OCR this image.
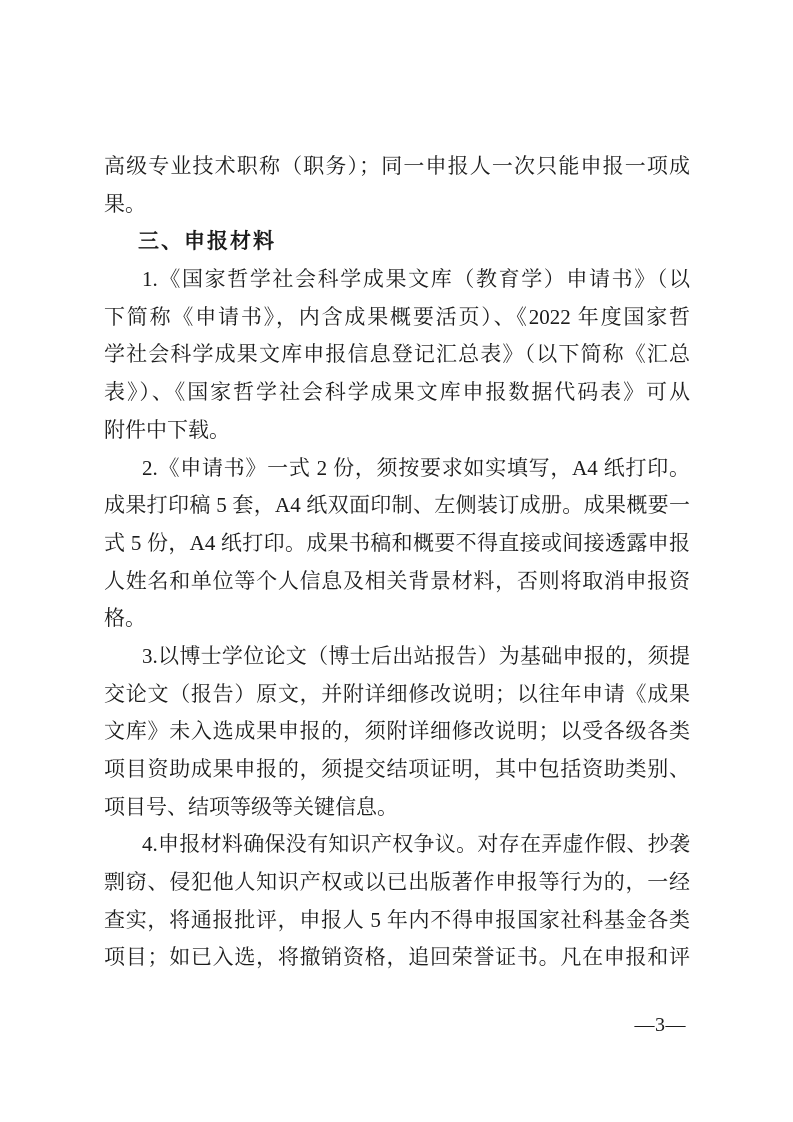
高级专业技术职称（职务）；同一申报人一次只能申报一项成
果。
三、申报材料
1.《国家哲学社会科学成果文库（教育学）申请书》（以
下简称《申请书》，内含成果概要活页）、《2022 年度国家哲
学社会科学成果文库申报信息登记汇总表》（以下简称《汇总
表》）、《国家哲学社会科学成果文库申报数据代码表》可从
附件中下载。
2.《申请书》一式 2 份，须按要求如实填写，A4 纸打印。
成果打印稿 5 套，A4 纸双面印制、左侧装订成册。成果概要一
式 5 份，A4 纸打印。成果书稿和概要不得直接或间接透露申报
人姓名和单位等个人信息及相关背景材料，否则将取消申报资
格。
3.以博士学位论文（博士后出站报告）为基础申报的，须提
交论文（报告）原文，并附详细修改说明；以往年申请《成果
文库》未入选成果申报的，须附详细修改说明；以受各级各类
项目资助成果申报的，须提交结项证明，其中包括资助类别、
项目号、结项等级等关键信息。
4.申报材料确保没有知识产权争议。对存在弄虚作假、抄袭
剽窃、侵犯他人知识产权或以已出版著作申报等行为的，一经
查实，将通报批评，申报人 5 年内不得申报国家社科基金各类
项目；如已入选，将撤销资格，追回荣誉证书。凡在申报和评
—3—
